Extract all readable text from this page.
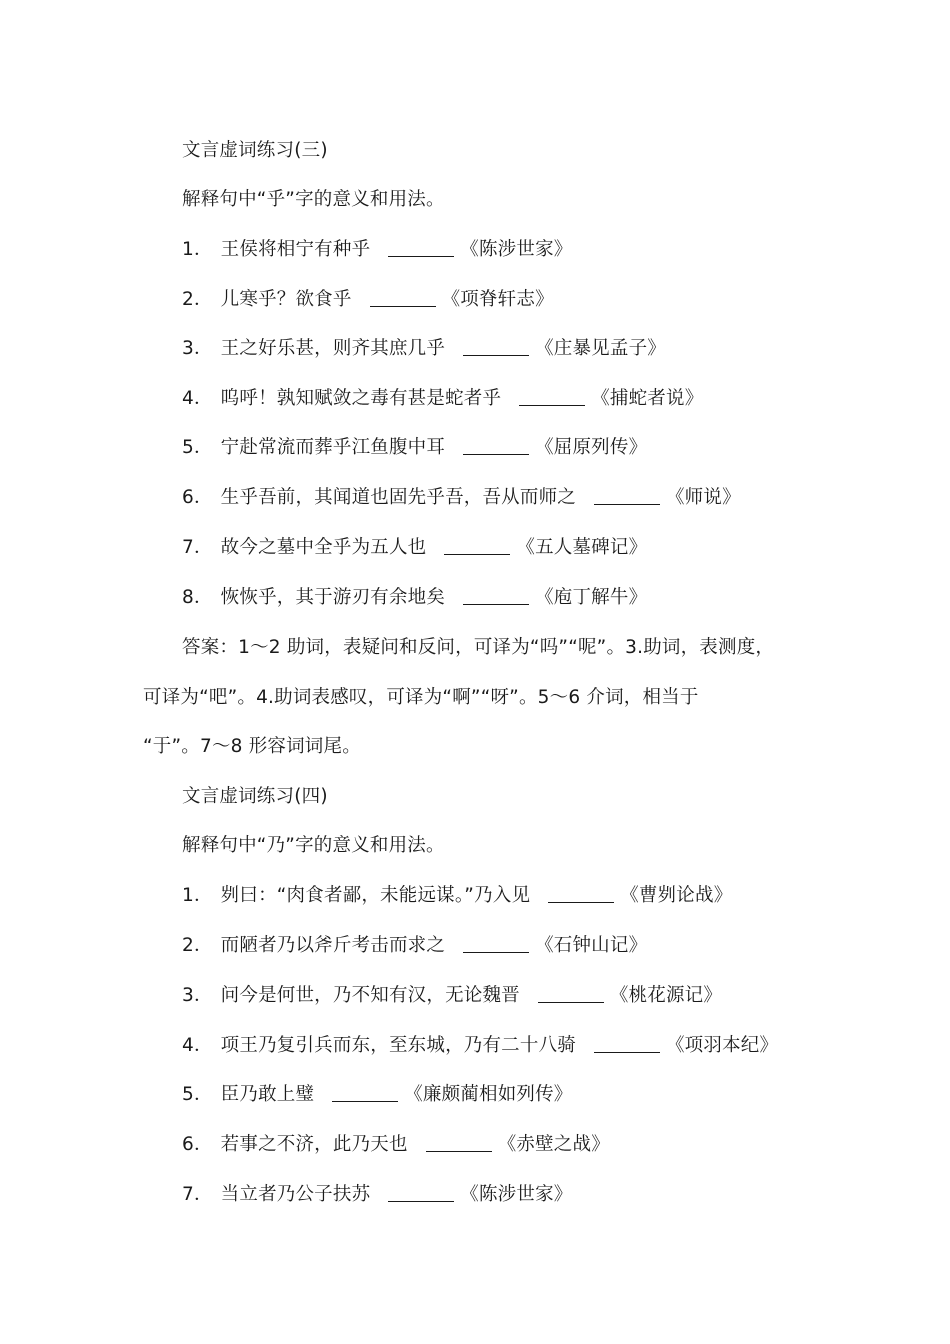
文言虚词练习(三)
解释句中“乎”字的意义和用法。
1． 王侯将相宁有种乎	《陈涉世家》
2． 儿寒乎？欲食乎	《项脊轩志》
3． 王之好乐甚，则齐其庶几乎	《庄暴见孟子》
4． 呜呼！孰知赋敛之毒有甚是蛇者乎	《捕蛇者说》
5． 宁赴常流而葬乎江鱼腹中耳	《屈原列传》
6． 生乎吾前，其闻道也固先乎吾，吾从而师之	《师说》
7． 故今之墓中全乎为五人也	《五人墓碑记》
8． 恢恢乎，其于游刃有余地矣	《庖丁解牛》
答案：1～2 助词，表疑问和反问，可译为“吗”“呢”。3.助词，表测度，
可译为“吧”。4.助词表感叹，可译为“啊”“呀”。5～6 介词，相当于
“于”。7～8 形容词词尾。
文言虚词练习(四)
解释句中“乃”字的意义和用法。
1． 刿曰：“肉食者鄙，未能远谋。”乃入见	《曹刿论战》
2． 而陋者乃以斧斤考击而求之	《石钟山记》
3． 问今是何世，乃不知有汉，无论魏晋	《桃花源记》
4． 项王乃复引兵而东，至东城，乃有二十八骑	《项羽本纪》
5． 臣乃敢上璧	《廉颇蔺相如列传》
6． 若事之不济，此乃天也	《赤壁之战》
7． 当立者乃公子扶苏	《陈涉世家》
